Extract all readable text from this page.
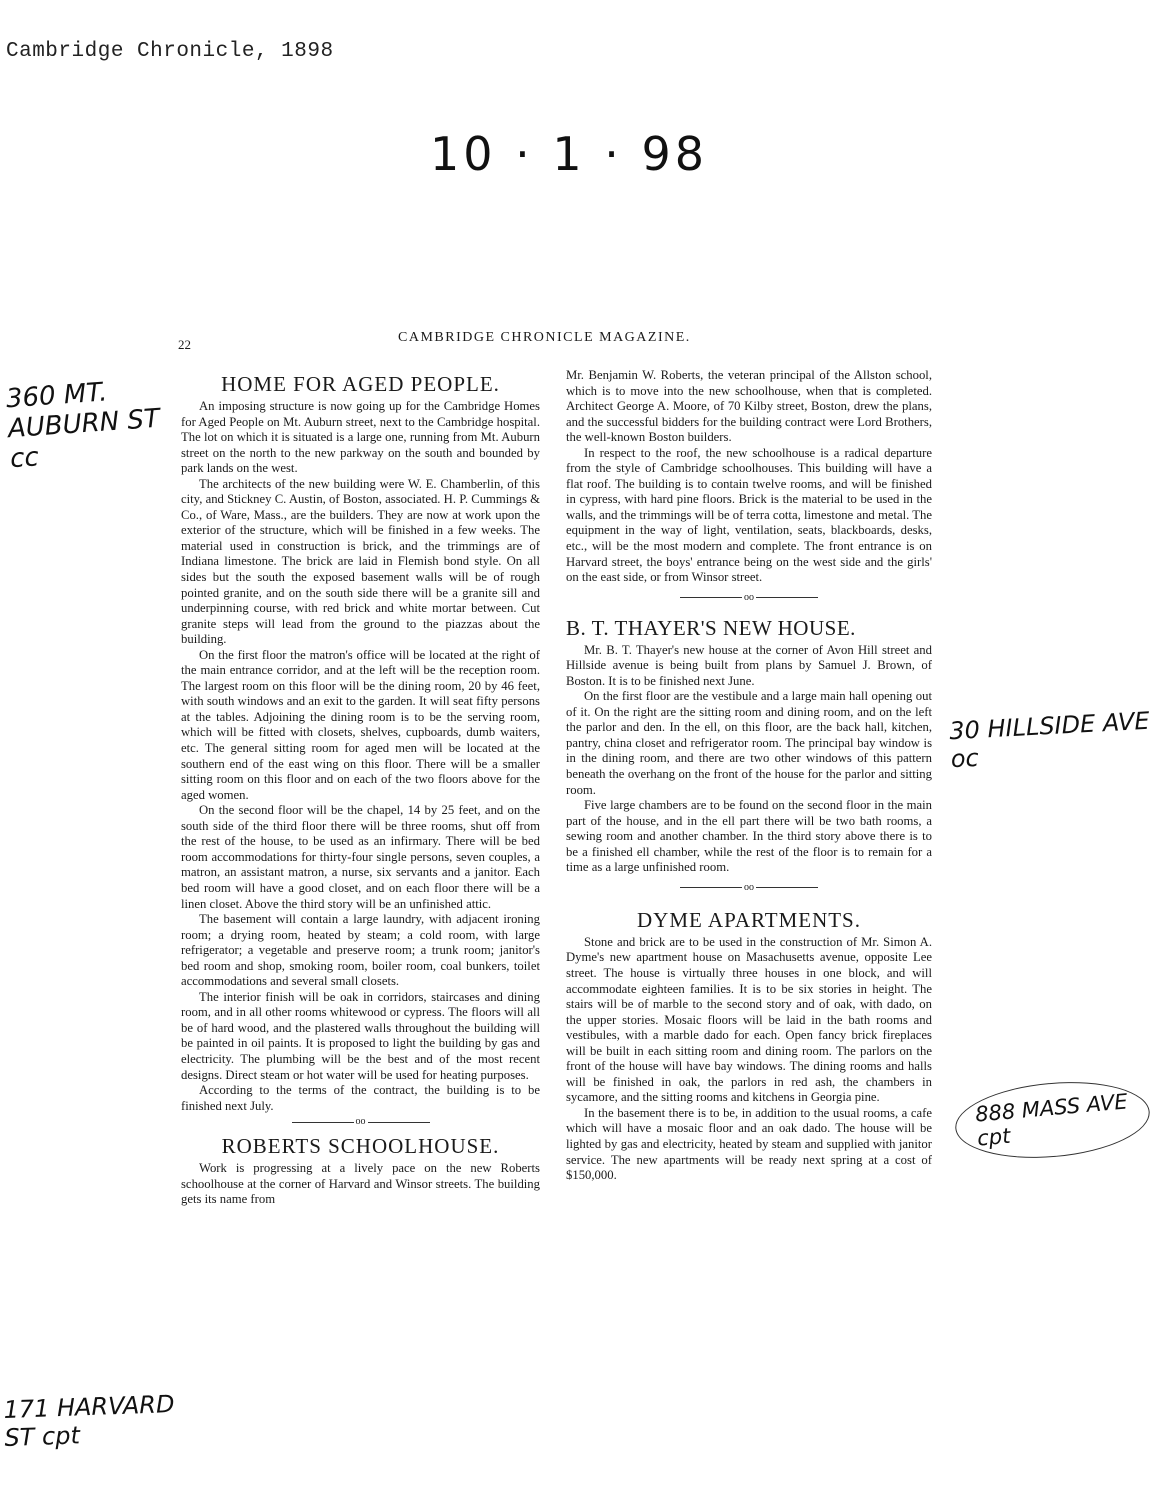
Cambridge Chronicle, 1898
10 · 1 · 98
360 MT.
AUBURN ST
cc
30 HILLSIDE AVE
oc
888 MASS AVE
cpt
171 HARVARD
ST cpt
22	CAMBRIDGE CHRONICLE MAGAZINE.
HOME FOR AGED PEOPLE.

An imposing structure is now going up for the Cambridge Homes for Aged People on Mt. Auburn street, next to the Cambridge hospital. The lot on which it is situated is a large one, running from Mt. Auburn street on the north to the new parkway on the south and bounded by park lands on the west.

The architects of the new building were W. E. Chamberlin, of this city, and Stickney C. Austin, of Boston, associated. H. P. Cummings & Co., of Ware, Mass., are the builders. They are now at work upon the exterior of the structure, which will be finished in a few weeks. The material used in construction is brick, and the trimmings are of Indiana limestone. The brick are laid in Flemish bond style. On all sides but the south the exposed basement walls will be of rough pointed granite, and on the south side there will be a granite sill and underpinning course, with red brick and white mortar between. Cut granite steps will lead from the ground to the piazzas about the building.

On the first floor the matron's office will be located at the right of the main entrance corridor, and at the left will be the reception room. The largest room on this floor will be the dining room, 20 by 46 feet, with south windows and an exit to the garden. It will seat fifty persons at the tables. Adjoining the dining room is to be the serving room, which will be fitted with closets, shelves, cupboards, dumb waiters, etc. The general sitting room for aged men will be located at the southern end of the east wing on this floor. There will be a smaller sitting room on this floor and on each of the two floors above for the aged women.

On the second floor will be the chapel, 14 by 25 feet, and on the south side of the third floor there will be three rooms, shut off from the rest of the house, to be used as an infirmary. There will be bed room accommodations for thirty-four single persons, seven couples, a matron, an assistant matron, a nurse, six servants and a janitor. Each bed room will have a good closet, and on each floor there will be a linen closet. Above the third story will be an unfinished attic.

The basement will contain a large laundry, with adjacent ironing room; a drying room, heated by steam; a cold room, with large refrigerator; a vegetable and preserve room; a trunk room; janitor's bed room and shop, smoking room, boiler room, coal bunkers, toilet accommodations and several small closets.

The interior finish will be oak in corridors, staircases and dining room, and in all other rooms whitewood or cypress. The floors will all be of hard wood, and the plastered walls throughout the building will be painted in oil paints. It is proposed to light the building by gas and electricity. The plumbing will be the best and of the most recent designs. Direct steam or hot water will be used for heating purposes.

According to the terms of the contract, the building is to be finished next July.

oo
ROBERTS SCHOOLHOUSE.

Work is progressing at a lively pace on the new Roberts schoolhouse at the corner of Harvard and Winsor streets. The building gets its name from

Mr. Benjamin W. Roberts, the veteran principal of the Allston school, which is to move into the new schoolhouse, when that is completed. Architect George A. Moore, of 70 Kilby street, Boston, drew the plans, and the successful bidders for the building contract were Lord Brothers, the well-known Boston builders.

In respect to the roof, the new schoolhouse is a radical departure from the style of Cambridge schoolhouses. This building will have a flat roof. The building is to contain twelve rooms, and will be finished in cypress, with hard pine floors. Brick is the material to be used in the walls, and the trimmings will be of terra cotta, limestone and metal. The equipment in the way of light, ventilation, seats, blackboards, desks, etc., will be the most modern and complete. The front entrance is on Harvard street, the boys' entrance being on the west side and the girls' on the east side, or from Winsor street.

oo
B. T. THAYER'S NEW HOUSE.

Mr. B. T. Thayer's new house at the corner of Avon Hill street and Hillside avenue is being built from plans by Samuel J. Brown, of Boston. It is to be finished next June.

On the first floor are the vestibule and a large main hall opening out of it. On the right are the sitting room and dining room, and on the left the parlor and den. In the ell, on this floor, are the back hall, kitchen, pantry, china closet and refrigerator room. The principal bay window is in the dining room, and there are two other windows of this pattern beneath the overhang on the front of the house for the parlor and sitting room.

Five large chambers are to be found on the second floor in the main part of the house, and in the ell part there will be two bath rooms, a sewing room and another chamber. In the third story above there is to be a finished ell chamber, while the rest of the floor is to remain for a time as a large unfinished room.

oo
DYME APARTMENTS.

Stone and brick are to be used in the construction of Mr. Simon A. Dyme's new apartment house on Masachusetts avenue, opposite Lee street. The house is virtually three houses in one block, and will accommodate eighteen families. It is to be six stories in height. The stairs will be of marble to the second story and of oak, with dado, on the upper stories. Mosaic floors will be laid in the bath rooms and vestibules, with a marble dado for each. Open fancy brick fireplaces will be built in each sitting room and dining room. The parlors on the front of the house will have bay windows. The dining rooms and halls will be finished in oak, the parlors in red ash, the chambers in sycamore, and the sitting rooms and kitchens in Georgia pine.

In the basement there is to be, in addition to the usual rooms, a cafe which will have a mosaic floor and an oak dado. The house will be lighted by gas and electricity, heated by steam and supplied with janitor service. The new apartments will be ready next spring at a cost of $150,000.
